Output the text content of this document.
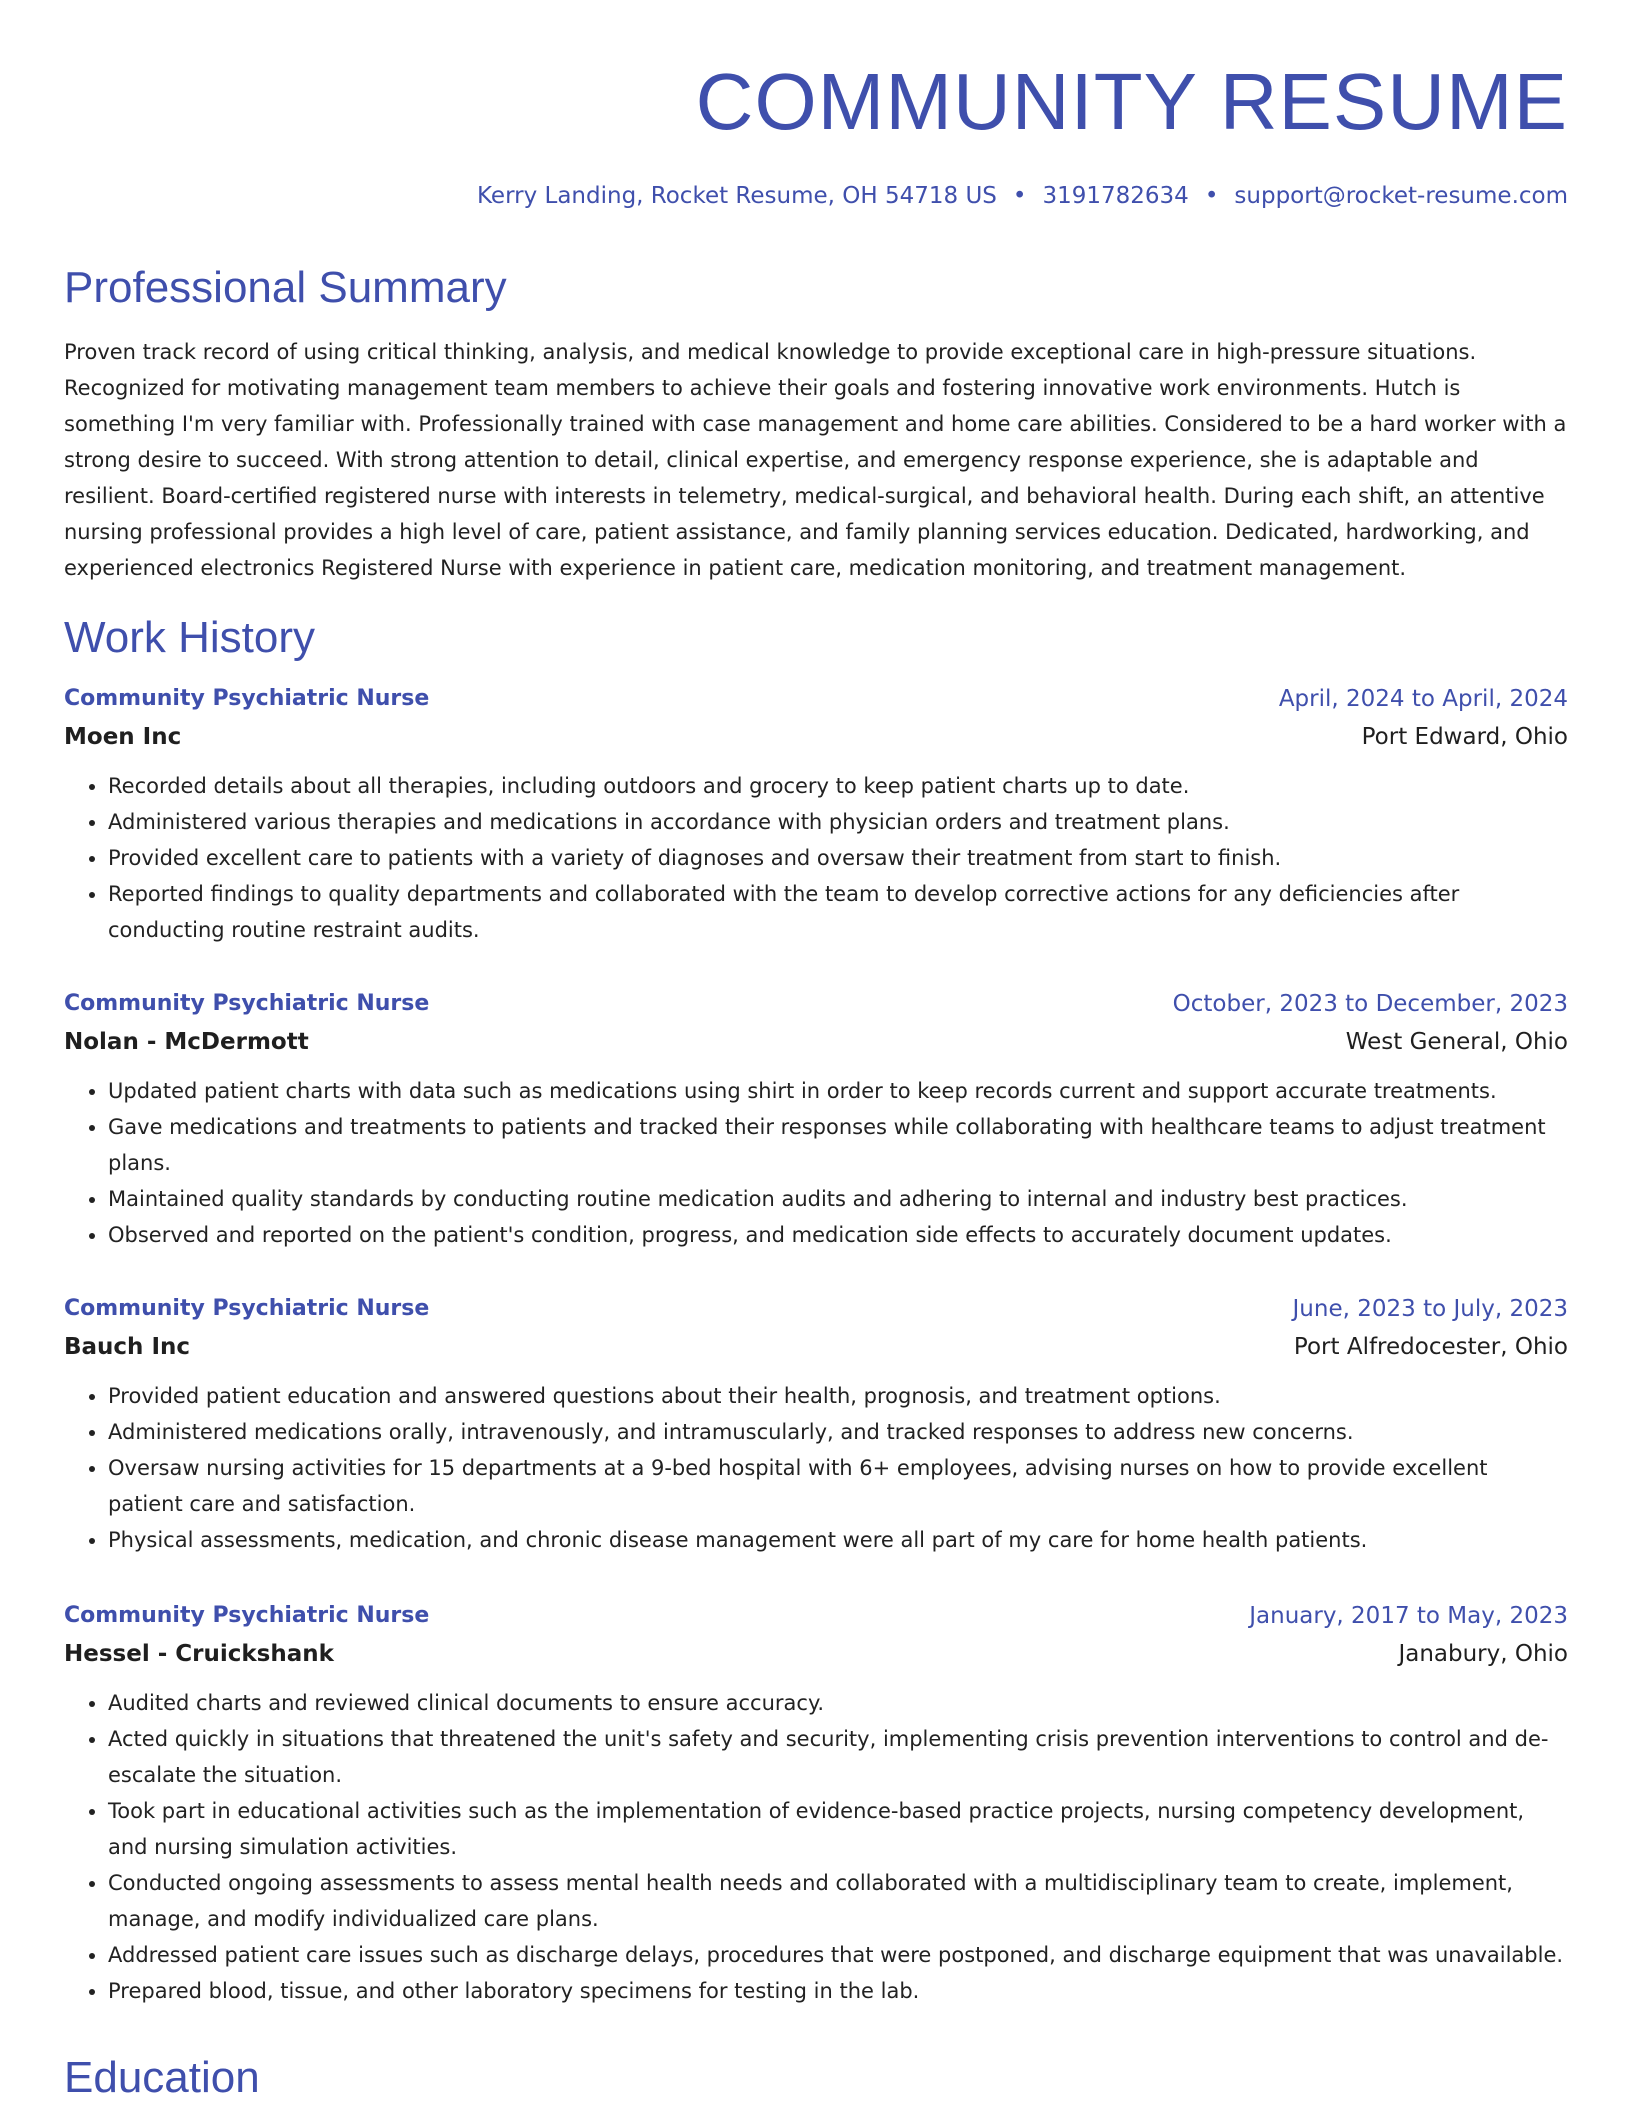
COMMUNITY RESUME
Kerry Landing, Rocket Resume, OH 54718 US • 3191782634 • support@rocket-resume.com
Professional Summary
Proven track record of using critical thinking, analysis, and medical knowledge to provide exceptional care in high-pressure situations. Recognized for motivating management team members to achieve their goals and fostering innovative work environments. Hutch is something I'm very familiar with. Professionally trained with case management and home care abilities. Considered to be a hard worker with a strong desire to succeed. With strong attention to detail, clinical expertise, and emergency response experience, she is adaptable and resilient. Board-certified registered nurse with interests in telemetry, medical-surgical, and behavioral health. During each shift, an attentive nursing professional provides a high level of care, patient assistance, and family planning services education. Dedicated, hardworking, and experienced electronics Registered Nurse with experience in patient care, medication monitoring, and treatment management.
Work History
Community Psychiatric Nurse	April, 2024 to April, 2024
Moen Inc	Port Edward, Ohio
• Recorded details about all therapies, including outdoors and grocery to keep patient charts up to date.
• Administered various therapies and medications in accordance with physician orders and treatment plans.
• Provided excellent care to patients with a variety of diagnoses and oversaw their treatment from start to finish.
• Reported findings to quality departments and collaborated with the team to develop corrective actions for any deficiencies after conducting routine restraint audits.
Community Psychiatric Nurse	October, 2023 to December, 2023
Nolan - McDermott	West General, Ohio
• Updated patient charts with data such as medications using shirt in order to keep records current and support accurate treatments.
• Gave medications and treatments to patients and tracked their responses while collaborating with healthcare teams to adjust treatment plans.
• Maintained quality standards by conducting routine medication audits and adhering to internal and industry best practices.
• Observed and reported on the patient's condition, progress, and medication side effects to accurately document updates.
Community Psychiatric Nurse	June, 2023 to July, 2023
Bauch Inc	Port Alfredocester, Ohio
• Provided patient education and answered questions about their health, prognosis, and treatment options.
• Administered medications orally, intravenously, and intramuscularly, and tracked responses to address new concerns.
• Oversaw nursing activities for 15 departments at a 9-bed hospital with 6+ employees, advising nurses on how to provide excellent patient care and satisfaction.
• Physical assessments, medication, and chronic disease management were all part of my care for home health patients.
Community Psychiatric Nurse	January, 2017 to May, 2023
Hessel - Cruickshank	Janabury, Ohio
• Audited charts and reviewed clinical documents to ensure accuracy.
• Acted quickly in situations that threatened the unit's safety and security, implementing crisis prevention interventions to control and de-escalate the situation.
• Took part in educational activities such as the implementation of evidence-based practice projects, nursing competency development, and nursing simulation activities.
• Conducted ongoing assessments to assess mental health needs and collaborated with a multidisciplinary team to create, implement, manage, and modify individualized care plans.
• Addressed patient care issues such as discharge delays, procedures that were postponed, and discharge equipment that was unavailable.
• Prepared blood, tissue, and other laboratory specimens for testing in the lab.
Education
